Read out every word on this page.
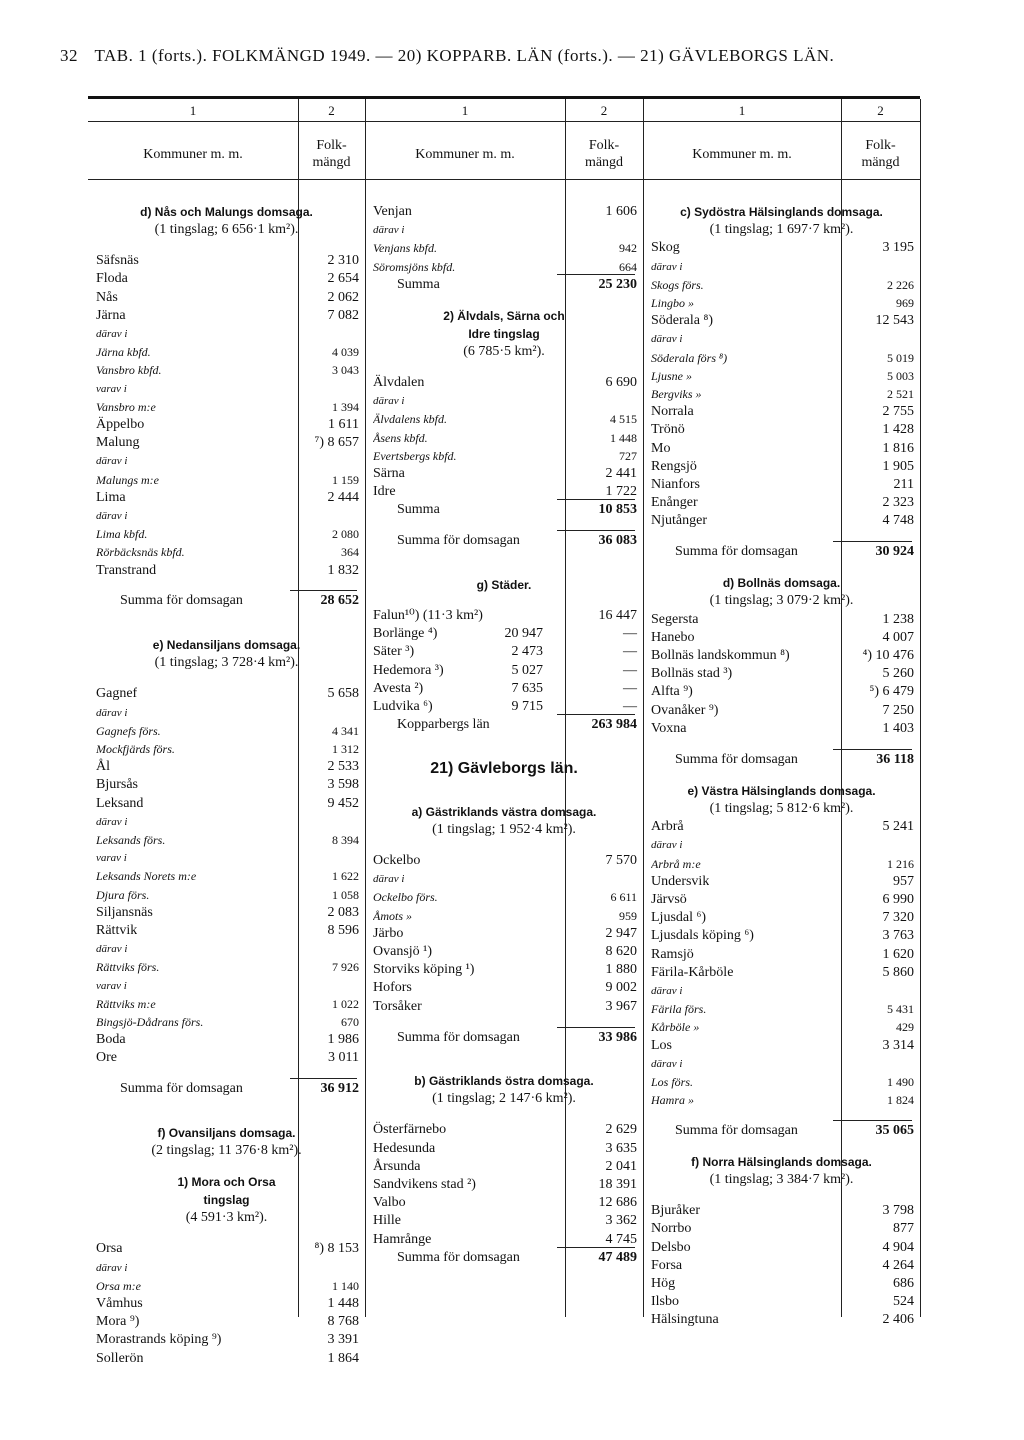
32 TAB. 1 (forts.). FOLKMÄNGD 1949. — 20) KOPPARB. LÄN (forts.). — 21) GÄVLEBORGS LÄN.
1	2
Kommuner m. m.
Folk-
mängd
d) Nås och Malungs domsaga.
(1 tingslag; 6 656·1 km²).
Säfsnäs	2 310
Floda	2 654
Nås	2 062
Järna	7 082
därav i
Järna kbfd.	4 039
Vansbro kbfd.	3 043
varav i
Vansbro m:e	1 394
Äppelbo	1 611
Malung	⁷) 8 657
därav i
Malungs m:e	1 159
Lima	2 444
därav i
Lima kbfd.	2 080
Rörbäcksnäs kbfd.	364
Transtrand	1 832
Summa för domsagan	28 652
e) Nedansiljans domsaga.
(1 tingslag; 3 728·4 km²).
Gagnef	5 658
därav i
Gagnefs förs.	4 341
Mockfjärds förs.	1 312
Ål	2 533
Bjursås	3 598
Leksand	9 452
därav i
Leksands förs.	8 394
varav i
Leksands Norets m:e	1 622
Djura förs.	1 058
Siljansnäs	2 083
Rättvik	8 596
därav i
Rättviks förs.	7 926
varav i
Rättviks m:e	1 022
Bingsjö-Dådrans förs.	670
Boda	1 986
Ore	3 011
Summa för domsagan	36 912
f) Ovansiljans domsaga.
(2 tingslag; 11 376·8 km²).
1) Mora och Orsa
tingslag
(4 591·3 km²).
Orsa	⁸) 8 153
därav i
Orsa m:e	1 140
Våmhus	1 448
Mora ⁹)	8 768
Morastrands köping ⁹)	3 391
Sollerön	1 864
1	2
Kommuner m. m.
Folk-
mängd
Venjan	1 606
därav i
Venjans kbfd.	942
Söromsjöns kbfd.	664
Summa	25 230
2) Älvdals, Särna och
Idre tingslag
(6 785·5 km²).
Älvdalen	6 690
därav i
Älvdalens kbfd.	4 515
Åsens kbfd.	1 448
Evertsbergs kbfd.	727
Särna	2 441
Idre	1 722
Summa	10 853
Summa för domsagan	36 083
g) Städer.
Falun¹⁰) (11·3 km²)	16 447
Borlänge ⁴)	20 947	—
Säter ³)	2 473	—
Hedemora ³)	5 027	—
Avesta ²)	7 635	—
Ludvika ⁶)	9 715	—
Kopparbergs län	263 984
21) Gävleborgs län.
a) Gästriklands västra domsaga.
(1 tingslag; 1 952·4 km²).
Ockelbo	7 570
därav i
Ockelbo förs.	6 611
Åmots »	959
Järbo	2 947
Ovansjö ¹)	8 620
Storviks köping ¹)	1 880
Hofors	9 002
Torsåker	3 967
Summa för domsagan	33 986
b) Gästriklands östra domsaga.
(1 tingslag; 2 147·6 km²).
Österfärnebo	2 629
Hedesunda	3 635
Årsunda	2 041
Sandvikens stad ²)	18 391
Valbo	12 686
Hille	3 362
Hamrånge	4 745
Summa för domsagan	47 489
1	2
Kommuner m. m.
Folk-
mängd
c) Sydöstra Hälsinglands domsaga.
(1 tingslag; 1 697·7 km²).
Skog	3 195
därav i
Skogs förs.	2 226
Lingbo »	969
Söderala ⁸)	12 543
därav i
Söderala förs ⁸)	5 019
Ljusne »	5 003
Bergviks »	2 521
Norrala	2 755
Trönö	1 428
Mo	1 816
Rengsjö	1 905
Nianfors	211
Enånger	2 323
Njutånger	4 748
Summa för domsagan	30 924
d) Bollnäs domsaga.
(1 tingslag; 3 079·2 km²).
Segersta	1 238
Hanebo	4 007
Bollnäs landskommun ⁸)	⁴) 10 476
Bollnäs stad ³)	5 260
Alfta ⁹)	⁵) 6 479
Ovanåker ⁹)	7 250
Voxna	1 403
Summa för domsagan	36 118
e) Västra Hälsinglands domsaga.
(1 tingslag; 5 812·6 km²).
Arbrå	5 241
därav i
Arbrå m:e	1 216
Undersvik	957
Järvsö	6 990
Ljusdal ⁶)	7 320
Ljusdals köping ⁶)	3 763
Ramsjö	1 620
Färila-Kårböle	5 860
därav i
Färila förs.	5 431
Kårböle »	429
Los	3 314
därav i
Los förs.	1 490
Hamra »	1 824
Summa för domsagan	35 065
f) Norra Hälsinglands domsaga.
(1 tingslag; 3 384·7 km²).
Bjuråker	3 798
Norrbo	877
Delsbo	4 904
Forsa	4 264
Hög	686
Ilsbo	524
Hälsingtuna	2 406
